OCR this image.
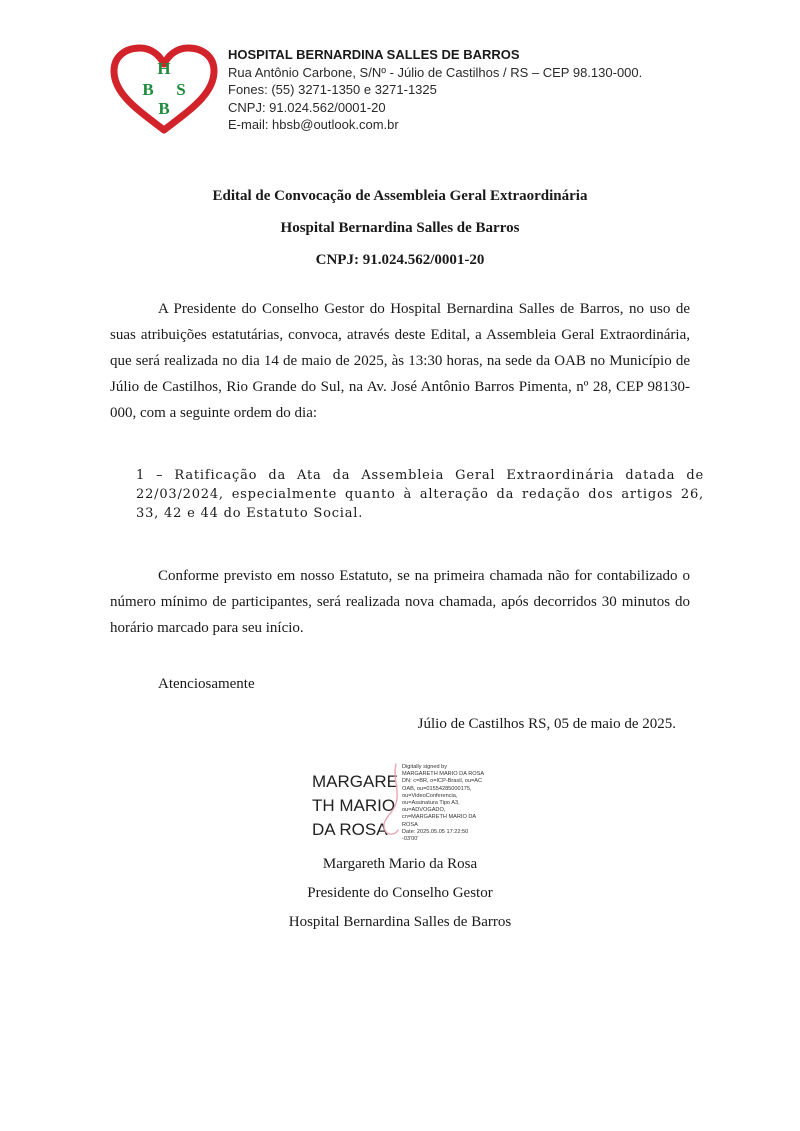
H
B S
B
HOSPITAL BERNARDINA SALLES DE BARROS
Rua Antônio Carbone, S/Nº - Júlio de Castilhos / RS – CEP 98.130-000.
Fones: (55) 3271-1350 e 3271-1325
CNPJ: 91.024.562/0001-20
E-mail: hbsb@outlook.com.br
Edital de Convocação de Assembleia Geral Extraordinária
Hospital Bernardina Salles de Barros
CNPJ: 91.024.562/0001-20
A Presidente do Conselho Gestor do Hospital Bernardina Salles de Barros, no uso de suas atribuições estatutárias, convoca, através deste Edital, a Assembleia Geral Extraordinária, que será realizada no dia 14 de maio de 2025, às 13:30 horas, na sede da OAB no Município de Júlio de Castilhos, Rio Grande do Sul, na Av. José Antônio Barros Pimenta, nº 28, CEP 98130-000, com a seguinte ordem do dia:
1 – Ratificação da Ata da Assembleia Geral Extraordinária datada de 22/03/2024, especialmente quanto à alteração da redação dos artigos 26, 33, 42 e 44 do Estatuto Social.
Conforme previsto em nosso Estatuto, se na primeira chamada não for contabilizado o número mínimo de participantes, será realizada nova chamada, após decorridos 30 minutos do horário marcado para seu início.
Atenciosamente
Júlio de Castilhos RS, 05 de maio de 2025.
MARGARE
TH MARIO
DA ROSA
Digitally signed by
MARGARETH MARIO DA ROSA
DN: c=BR, o=ICP-Brasil, ou=AC
OAB, ou=01554285000175,
ou=VideoConferencia,
ou=Assinatura Tipo A3,
ou=ADVOGADO,
cn=MARGARETH MARIO DA
ROSA
Date: 2025.05.05 17:22:50
-03'00'
Margareth Mario da Rosa
Presidente do Conselho Gestor
Hospital Bernardina Salles de Barros
